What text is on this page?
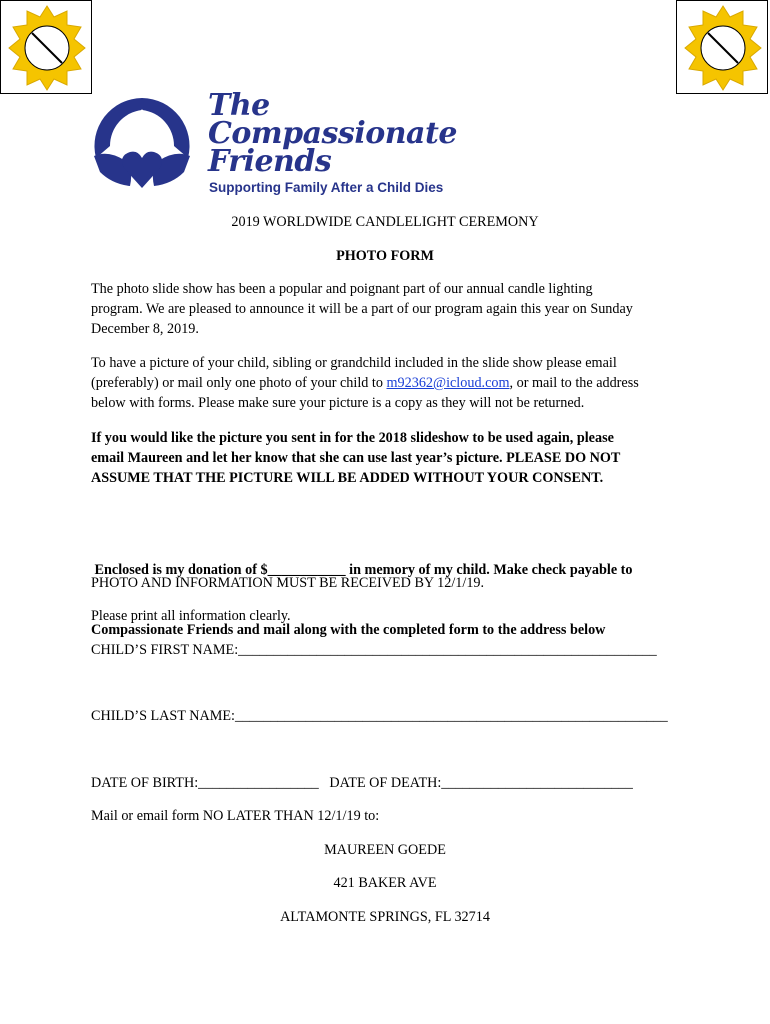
The
Compassionate
Friends
Supporting Family After a Child Dies
2019 WORLDWIDE CANDLELIGHT CEREMONY
PHOTO FORM
The photo slide show has been a popular and poignant part of our annual candle lighting
program. We are pleased to announce it will be a part of our program again this year on Sunday
December 8, 2019.
To have a picture of your child, sibling or grandchild included in the slide show please email
(preferably) or mail only one photo of your child to m92362@icloud.com, or mail to the address
below with forms. Please make sure your picture is a copy as they will not be returned.
If you would like the picture you sent in for the 2018 slideshow to be used again, please
email Maureen and let her know that she can use last year’s picture. PLEASE DO NOT
ASSUME THAT THE PICTURE WILL BE ADDED WITHOUT YOUR CONSENT.

Enclosed is my donation of $___________ in memory of my child. Make check payable to

Compassionate Friends and mail along with the completed form to the address below

PHOTO AND INFORMATION MUST BE RECEIVED BY 12/1/19.
Please print all information clearly.
CHILD’S FIRST NAME:___________________________________________________________
CHILD’S LAST NAME:_____________________________________________________________
DATE OF BIRTH:_________________ DATE OF DEATH:___________________________
Mail or email form NO LATER THAN 12/1/19 to:
MAUREEN GOEDE
421 BAKER AVE
ALTAMONTE SPRINGS, FL 32714
